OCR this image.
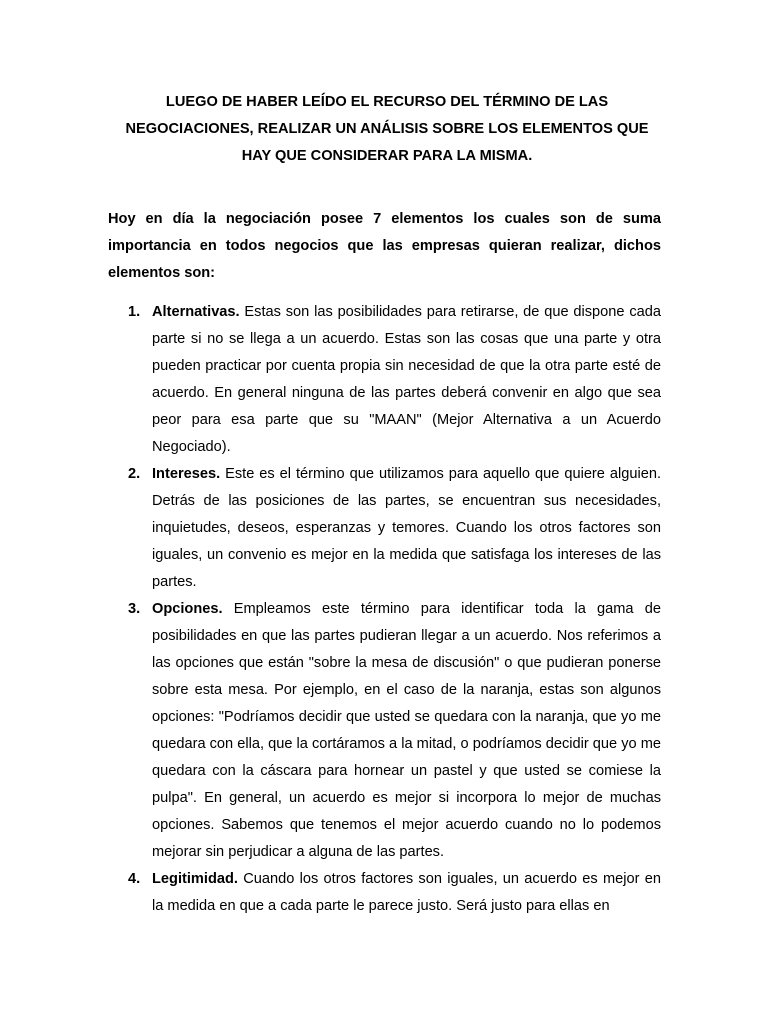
LUEGO DE HABER LEÍDO EL RECURSO DEL TÉRMINO DE LAS
NEGOCIACIONES, REALIZAR UN ANÁLISIS SOBRE LOS ELEMENTOS QUE
HAY QUE CONSIDERAR PARA LA MISMA.

Hoy en día la negociación posee 7 elementos los cuales son de suma importancia en todos negocios que las empresas quieran realizar, dichos elementos son:

1. Alternativas. Estas son las posibilidades para retirarse, de que dispone cada parte si no se llega a un acuerdo. Estas son las cosas que una parte y otra pueden practicar por cuenta propia sin necesidad de que la otra parte esté de acuerdo. En general ninguna de las partes deberá convenir en algo que sea peor para esa parte que su "MAAN" (Mejor Alternativa a un Acuerdo Negociado).
2. Intereses. Este es el término que utilizamos para aquello que quiere alguien. Detrás de las posiciones de las partes, se encuentran sus necesidades, inquietudes, deseos, esperanzas y temores. Cuando los otros factores son iguales, un convenio es mejor en la medida que satisfaga los intereses de las partes.
3. Opciones. Empleamos este término para identificar toda la gama de posibilidades en que las partes pudieran llegar a un acuerdo. Nos referimos a las opciones que están "sobre la mesa de discusión" o que pudieran ponerse sobre esta mesa. Por ejemplo, en el caso de la naranja, estas son algunos opciones: "Podríamos decidir que usted se quedara con la naranja, que yo me quedara con ella, que la cortáramos a la mitad, o podríamos decidir que yo me quedara con la cáscara para hornear un pastel y que usted se comiese la pulpa". En general, un acuerdo es mejor si incorpora lo mejor de muchas opciones. Sabemos que tenemos el mejor acuerdo cuando no lo podemos mejorar sin perjudicar a alguna de las partes.
4. Legitimidad. Cuando los otros factores son iguales, un acuerdo es mejor en la medida en que a cada parte le parece justo. Será justo para ellas en
